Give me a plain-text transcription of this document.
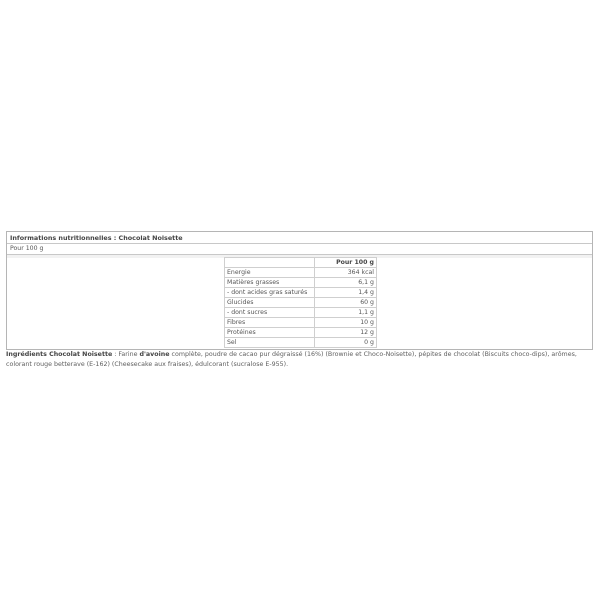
Informations nutritionnelles : Chocolat Noisette
Pour 100 g
	Pour 100 g
Energie	364 kcal
Matières grasses	6,1 g
- dont acides gras saturés	1,4 g
Glucides	60 g
- dont sucres	1,1 g
Fibres	10 g
Protéines	12 g
Sel	0 g

Ingrédients Chocolat Noisette : Farine d'avoine complète, poudre de cacao pur dégraissé (16%) (Brownie et Choco-Noisette), pépites de chocolat (Biscuits choco-dips), arômes, colorant rouge betterave (E-162) (Cheesecake aux fraises), édulcorant (sucralose E-955).
